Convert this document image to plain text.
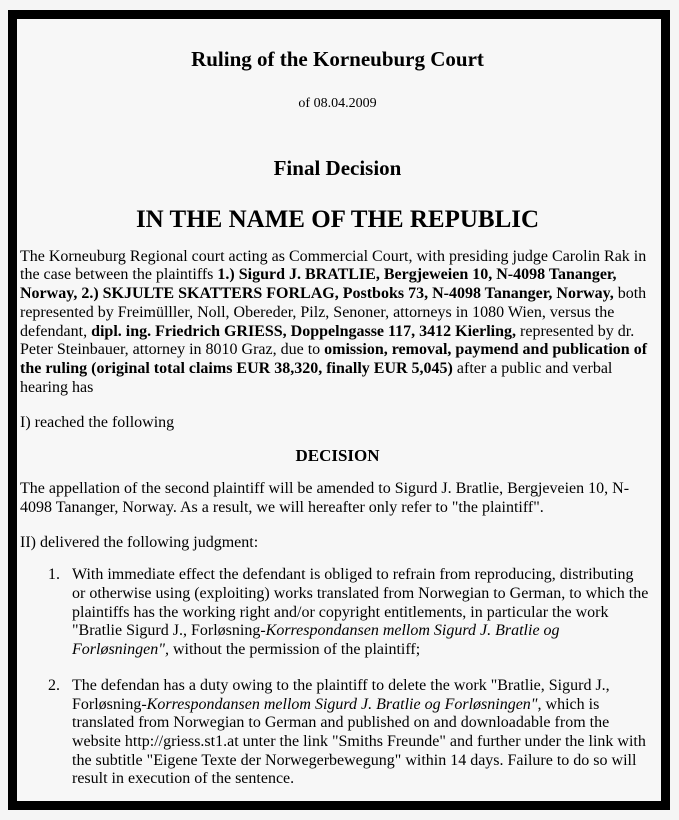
Ruling of the Korneuburg Court

of 08.04.2009

Final Decision
IN THE NAME OF THE REPUBLIC

The Korneuburg Regional court acting as Commercial Court, with presiding judge Carolin Rak in the case between the plaintiffs 1.) Sigurd J. BRATLIE, Bergjeweien 10, N-4098 Tananger, Norway, 2.) SKJULTE SKATTERS FORLAG, Postboks 73, N-4098 Tananger, Norway, both represented by Freimülller, Noll, Obereder, Pilz, Senoner, attorneys in 1080 Wien, versus the defendant, dipl. ing. Friedrich GRIESS, Doppelngasse 117, 3412 Kierling, represented by dr. Peter Steinbauer, attorney in 8010 Graz, due to omission, removal, paymend and publication of the ruling (original total claims EUR 38,320, finally EUR 5,045) after a public and verbal hearing has

I) reached the following

DECISION

The appellation of the second plaintiff will be amended to Sigurd J. Bratlie, Bergjeveien 10, N-4098 Tananger, Norway. As a result, we will hereafter only refer to "the plaintiff".

II) delivered the following judgment:

1. With immediate effect the defendant is obliged to refrain from reproducing, distributing or otherwise using (exploiting) works translated from Norwegian to German, to which the plaintiffs has the working right and/or copyright entitlements, in particular the work "Bratlie Sigurd J., Forløsning-Korrespondansen mellom Sigurd J. Bratlie og Forløsningen", without the permission of the plaintiff;

2. The defendan has a duty owing to the plaintiff to delete the work "Bratlie, Sigurd J., Forløsning-Korrespondansen mellom Sigurd J. Bratlie og Forløsningen", which is translated from Norwegian to German and published on and downloadable from the website http://griess.st1.at unter the link "Smiths Freunde" and further under the link with the subtitle "Eigene Texte der Norwegerbewegung" within 14 days. Failure to do so will result in execution of the sentence.
